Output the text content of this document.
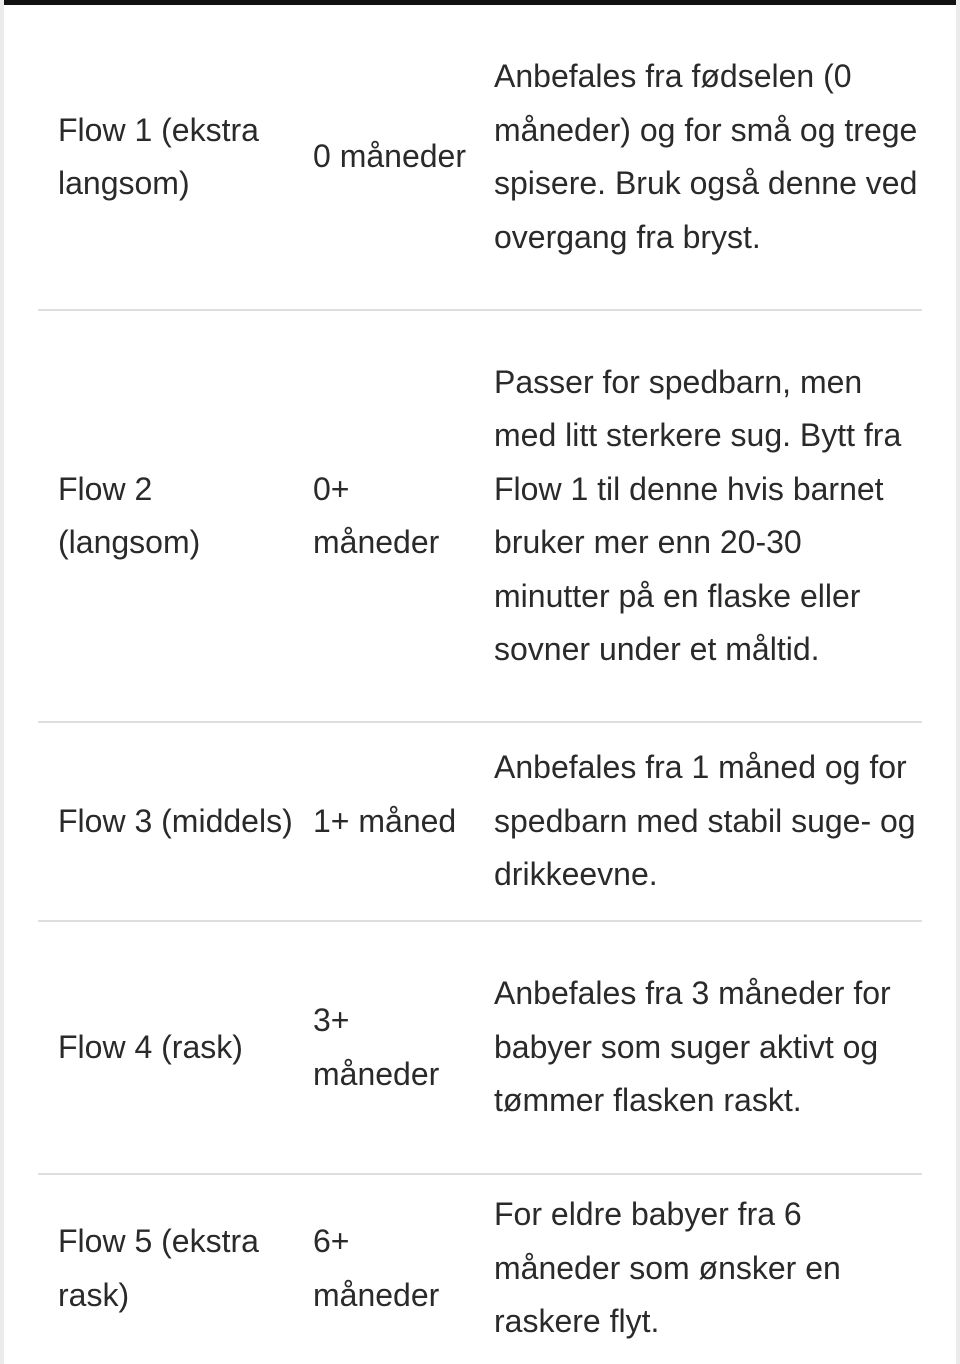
Flow 1 (ekstra langsom)
0 måneder
Anbefales fra fødselen (0 måneder) og for små og trege spisere. Bruk også denne ved overgang fra bryst.
Flow 2 (langsom)
0+ måneder
Passer for spedbarn, men med litt sterkere sug. Bytt fra Flow 1 til denne hvis barnet bruker mer enn 20-30 minutter på en flaske eller sovner under et måltid.
Flow 3 (middels) 1+ måned
Anbefales fra 1 måned og for spedbarn med stabil suge- og drikkeevne.
Flow 4 (rask)
3+ måneder
Anbefales fra 3 måneder for babyer som suger aktivt og tømmer flasken raskt.
Flow 5 (ekstra rask)
6+ måneder
For eldre babyer fra 6 måneder som ønsker en raskere flyt.
